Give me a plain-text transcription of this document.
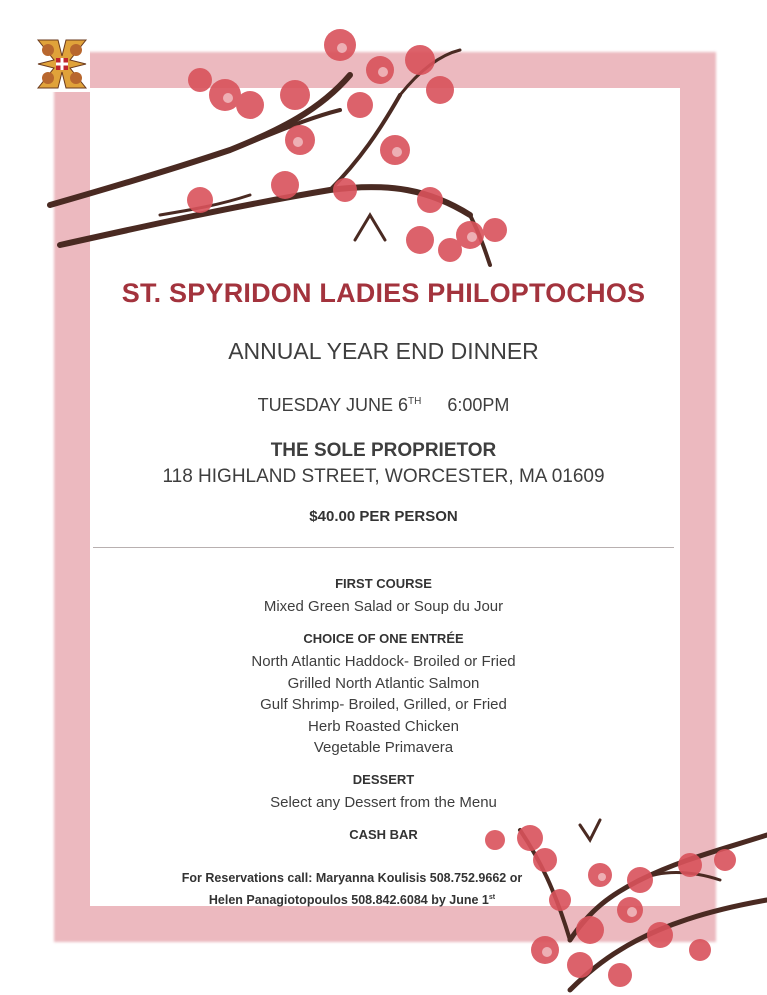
ST. SPYRIDON LADIES PHILOPTOCHOS
ANNUAL YEAR END DINNER
TUESDAY JUNE 6TH 6:00PM
THE SOLE PROPRIETOR
118 HIGHLAND STREET, WORCESTER, MA 01609
$40.00 PER PERSON
FIRST COURSE
Mixed Green Salad or Soup du Jour
CHOICE OF ONE ENTRÉE
North Atlantic Haddock- Broiled or Fried
Grilled North Atlantic Salmon
Gulf Shrimp- Broiled, Grilled, or Fried
Herb Roasted Chicken
Vegetable Primavera
DESSERT
Select any Dessert from the Menu
CASH BAR
For Reservations call: Maryanna Koulisis 508.752.9662 or
Helen Panagiotopoulos 508.842.6084 by June 1st
